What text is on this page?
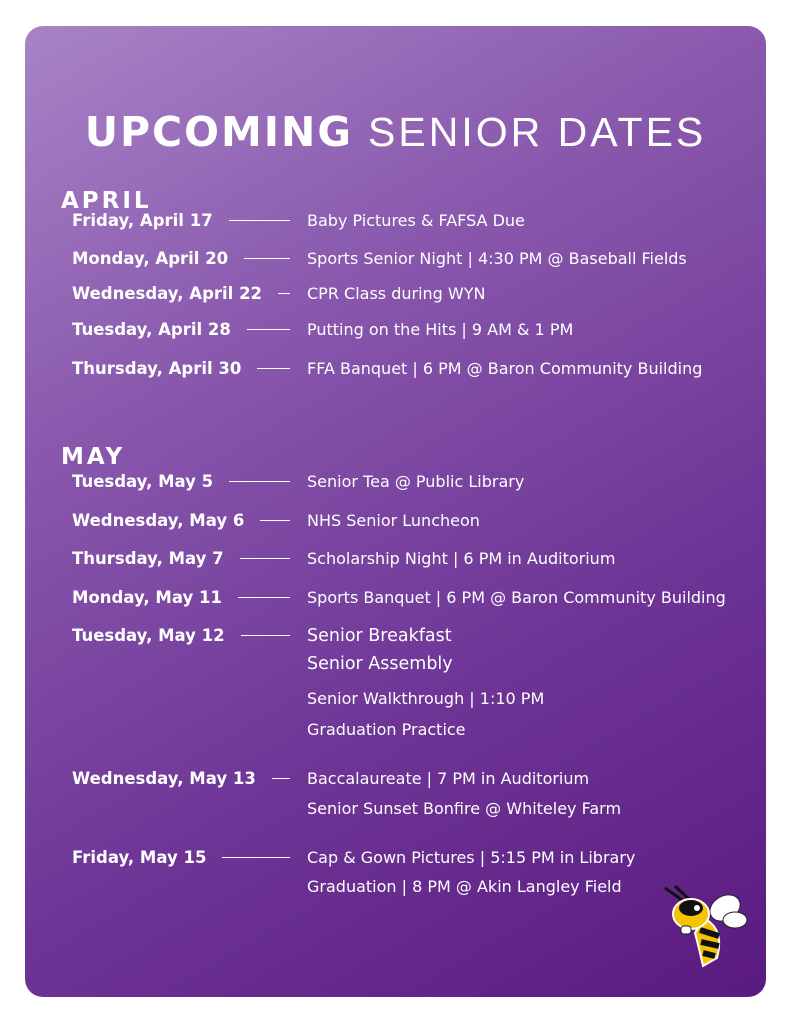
UPCOMING SENIOR DATES
APRIL
Friday, April 17	Baby Pictures & FAFSA Due
Monday, April 20	Sports Senior Night | 4:30 PM @ Baseball Fields
Wednesday, April 22	CPR Class during WYN
Tuesday, April 28	Putting on the Hits | 9 AM & 1 PM
Thursday, April 30	FFA Banquet | 6 PM @ Baron Community Building
MAY
Tuesday, May 5	Senior Tea @ Public Library
Wednesday, May 6	NHS Senior Luncheon
Thursday, May 7	Scholarship Night | 6 PM in Auditorium
Monday, May 11	Sports Banquet | 6 PM @ Baron Community Building
Tuesday, May 12	Senior Breakfast
Senior Assembly
Senior Walkthrough | 1:10 PM
Graduation Practice
Wednesday, May 13	Baccalaureate | 7 PM in Auditorium
Senior Sunset Bonfire @ Whiteley Farm
Friday, May 15	Cap & Gown Pictures | 5:15 PM in Library
Graduation | 8 PM @ Akin Langley Field
